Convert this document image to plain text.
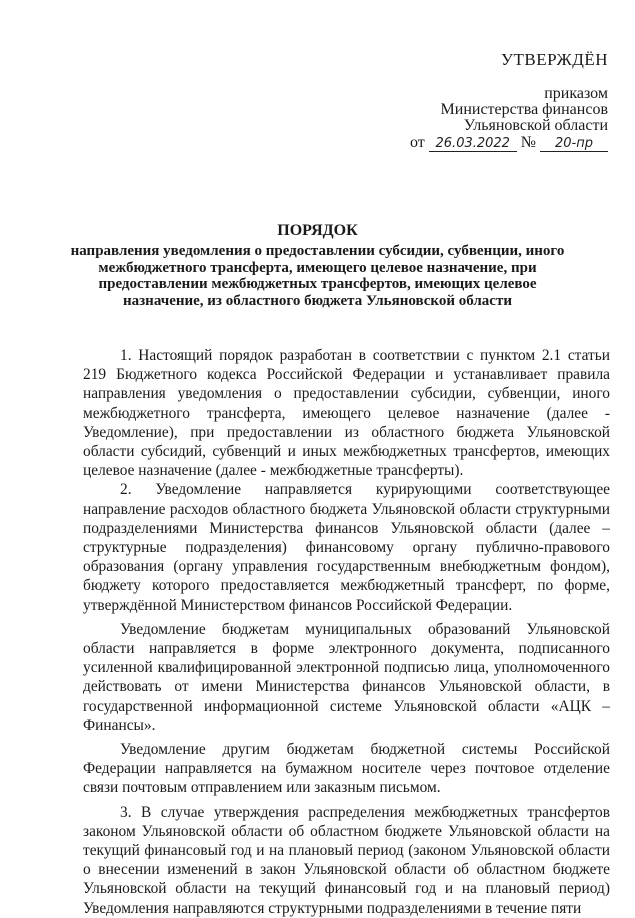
УТВЕРЖДЁН
приказом
Министерства финансов
Ульяновской области
от 26.03.2022 № 20-пр
ПОРЯДОК
направления уведомления о предоставлении субсидии, субвенции, иного межбюджетного трансферта, имеющего целевое назначение, при предоставлении межбюджетных трансфертов, имеющих целевое назначение, из областного бюджета Ульяновской области

1. Настоящий порядок разработан в соответствии с пунктом 2.1 статьи 219 Бюджетного кодекса Российской Федерации и устанавливает правила направления уведомления о предоставлении субсидии, субвенции, иного межбюджетного трансферта, имеющего целевое назначение (далее - Уведомление), при предоставлении из областного бюджета Ульяновской области субсидий, субвенций и иных межбюджетных трансфертов, имеющих целевое назначение (далее - межбюджетные трансферты).

2. Уведомление направляется курирующими соответствующее направление расходов областного бюджета Ульяновской области структурными подразделениями Министерства финансов Ульяновской области (далее – структурные подразделения) финансовому органу публично-правового образования (органу управления государственным внебюджетным фондом), бюджету которого предоставляется межбюджетный трансферт, по форме, утверждённой Министерством финансов Российской Федерации.

Уведомление бюджетам муниципальных образований Ульяновской области направляется в форме электронного документа, подписанного усиленной квалифицированной электронной подписью лица, уполномоченного действовать от имени Министерства финансов Ульяновской области, в государственной информационной системе Ульяновской области «АЦК – Финансы».

Уведомление другим бюджетам бюджетной системы Российской Федерации направляется на бумажном носителе через почтовое отделение связи почтовым отправлением или заказным письмом.

3. В случае утверждения распределения межбюджетных трансфертов законом Ульяновской области об областном бюджете Ульяновской области на текущий финансовый год и на плановый период (законом Ульяновской области о внесении изменений в закон Ульяновской области об областном бюджете Ульяновской области на текущий финансовый год и на плановый период) Уведомления направляются структурными подразделениями в течение пяти
